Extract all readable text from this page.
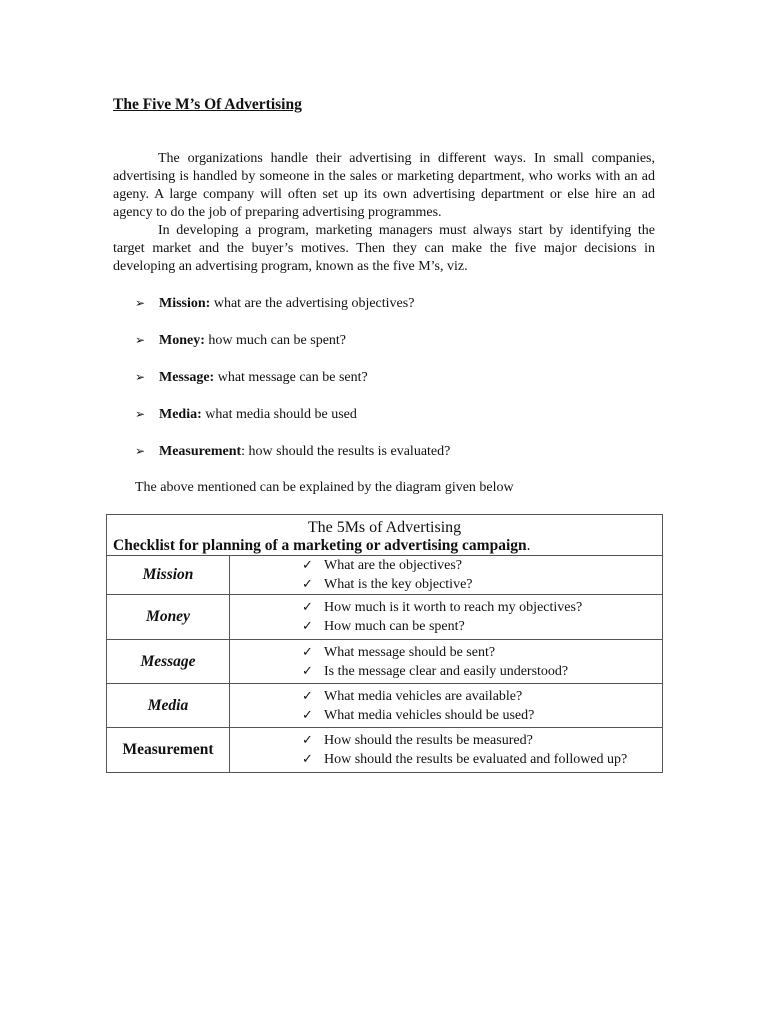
The Five M’s Of Advertising

The organizations handle their advertising in different ways. In small companies, advertising is handled by someone in the sales or marketing department, who works with an ad ageny. A large company will often set up its own advertising department or else hire an ad agency to do the job of preparing advertising programmes.

In developing a program, marketing managers must always start by identifying the target market and the buyer’s motives. Then they can make the five major decisions in developing an advertising program, known as the five M’s, viz.

➢ Mission: what are the advertising objectives?
➢ Money: how much can be spent?
➢ Message: what message can be sent?
➢ Media: what media should be used
➢ Measurement: how should the results is evaluated?

The above mentioned can be explained by the diagram given below

The 5Ms of Advertising
Checklist for planning of a marketing or advertising campaign.	

Mission	✓ What are the objectives?
✓ What is the key objective?

Money	✓ How much is it worth to reach my objectives?
✓ How much can be spent?

Message	✓ What message should be sent?
✓ Is the message clear and easily understood?

Media	✓ What media vehicles are available?
✓ What media vehicles should be used?

Measurement	✓ How should the results be measured?
✓ How should the results be evaluated and followed up?
